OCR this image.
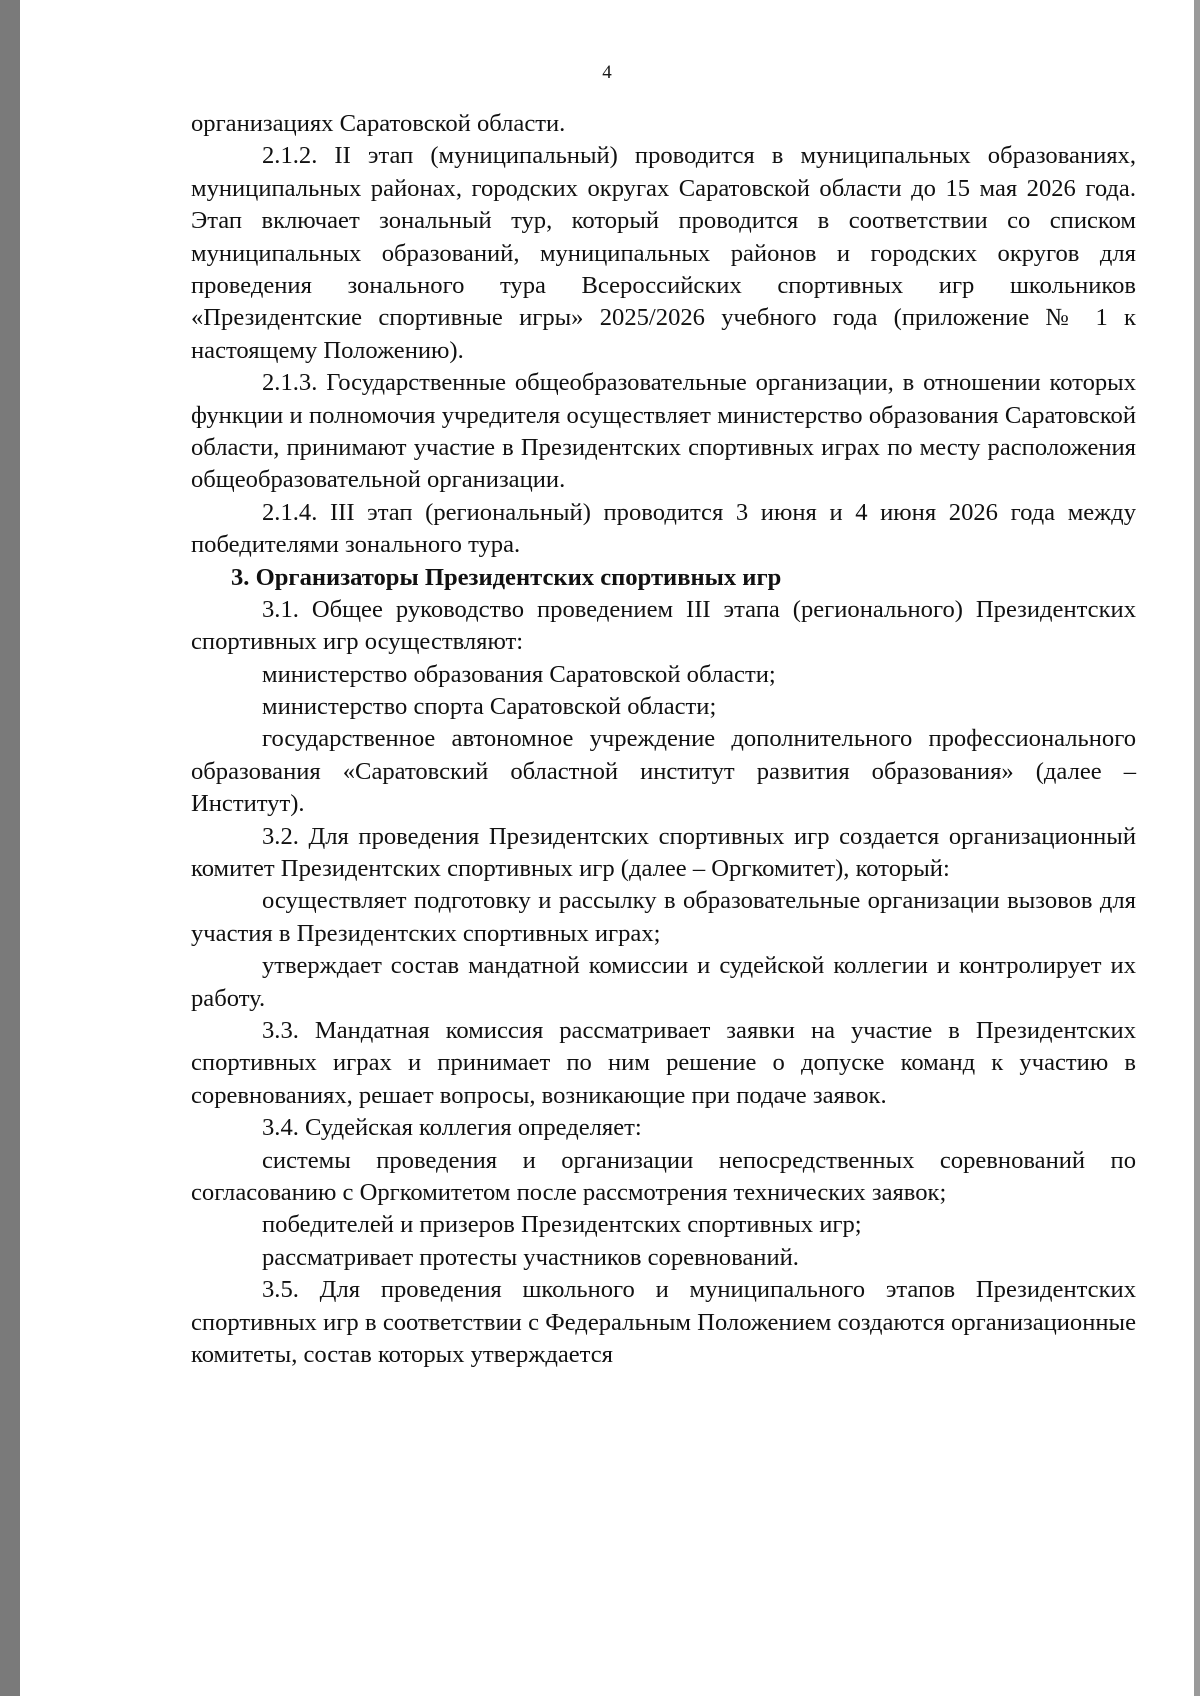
4

организациях Саратовской области.

2.1.2. II этап (муниципальный) проводится в муниципальных образованиях, муниципальных районах, городских округах Саратовской области до 15 мая 2026 года. Этап включает зональный тур, который проводится в соответствии со списком муниципальных образований, муниципальных районов и городских округов для проведения зонального тура Всероссийских спортивных игр школьников «Президентские спортивные игры» 2025/2026 учебного года (приложение № 1 к настоящему Положению).

2.1.3. Государственные общеобразовательные организации, в отношении которых функции и полномочия учредителя осуществляет министерство образования Саратовской области, принимают участие в Президентских спортивных играх по месту расположения общеобразовательной организации.

2.1.4. III этап (региональный) проводится 3 июня и 4 июня 2026 года между победителями зонального тура.

3. Организаторы Президентских спортивных игр

3.1. Общее руководство проведением III этапа (регионального) Президентских спортивных игр осуществляют:

министерство образования Саратовской области;

министерство спорта Саратовской области;

государственное автономное учреждение дополнительного профессионального образования «Саратовский областной институт развития образования» (далее – Институт).

3.2. Для проведения Президентских спортивных игр создается организационный комитет Президентских спортивных игр (далее – Оргкомитет), который:

осуществляет подготовку и рассылку в образовательные организации вызовов для участия в Президентских спортивных играх;

утверждает состав мандатной комиссии и судейской коллегии и контролирует их работу.

3.3. Мандатная комиссия рассматривает заявки на участие в Президентских спортивных играх и принимает по ним решение о допуске команд к участию в соревнованиях, решает вопросы, возникающие при подаче заявок.

3.4. Судейская коллегия определяет:

системы проведения и организации непосредственных соревнований по согласованию с Оргкомитетом после рассмотрения технических заявок;

победителей и призеров Президентских спортивных игр;

рассматривает протесты участников соревнований.

3.5. Для проведения школьного и муниципального этапов Президентских спортивных игр в соответствии с Федеральным Положением создаются организационные комитеты, состав которых утверждается
